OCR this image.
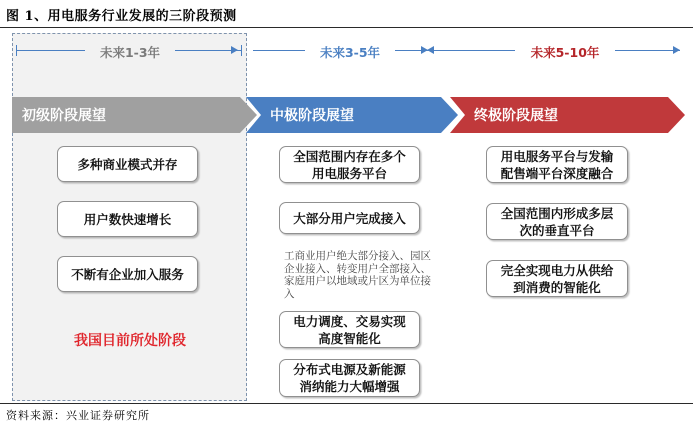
图 1、用电服务行业发展的三阶段预测
未来1-3年	未来3-5年	未来5-10年
初级阶段展望	中极阶段展望	终极阶段展望
多种商业模式并存
用户数快速增长
不断有企业加入服务
我国目前所处阶段
全国范围内存在多个
用电服务平台
大部分用户完成接入
工商业用户绝大部分接入、园区企业接入、转变用户全部接入、家庭用户以地域或片区为单位接入
电力调度、交易实现
高度智能化
分布式电源及新能源
消纳能力大幅增强
用电服务平台与发输
配售端平台深度融合
全国范围内形成多层
次的垂直平台
完全实现电力从供给
到消费的智能化
资料来源：兴业证券研究所
